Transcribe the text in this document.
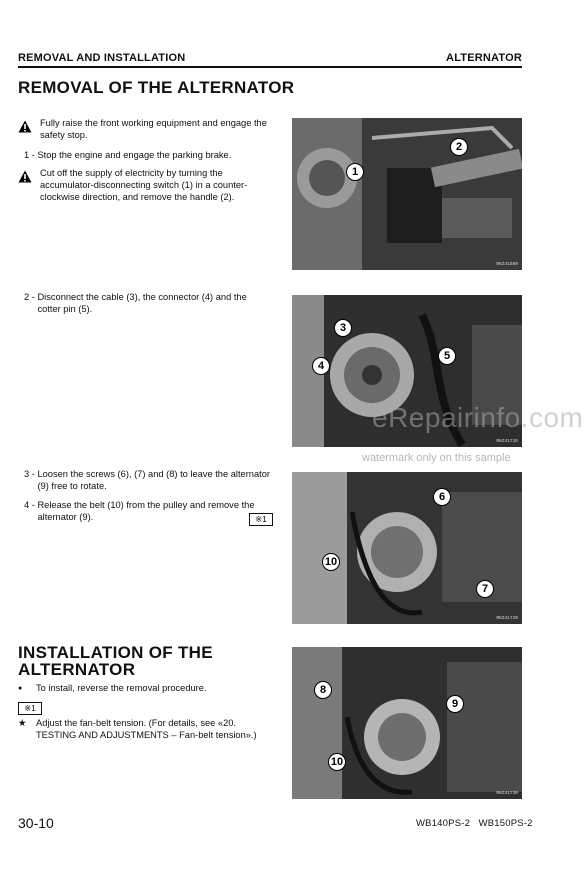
REMOVAL AND INSTALLATION	ALTERNATOR
REMOVAL OF THE ALTERNATOR
Fully raise the front working equipment and engage the safety stop.
1 -
Stop the engine and engage the parking brake.
Cut off the supply of electricity by turning the accumulator-disconnecting switch (1) in a counter-clockwise direction, and remove the handle (2).
2 -
Disconnect the cable (3), the connector (4) and the cotter pin (5).
3 -
Loosen the screws (6), (7) and (8) to leave the alternator (9) free to rotate.
4 -
Release the belt (10) from the pulley and remove the alternator (9).	※1
INSTALLATION OF THE ALTERNATOR
●	To install, reverse the removal procedure.
※1
★	Adjust the fan-belt tension. (For details, see «20. TESTING AND ADJUSTMENTS – Fan-belt tension».)
1
2
RKZ41560
3
4
5
RKZ41710
6
7
10
RKZ41720
8
9
10
RKZ41730
eRepairinfo.com
watermark only on this sample
30-10	WB140PS-2   WB150PS-2
